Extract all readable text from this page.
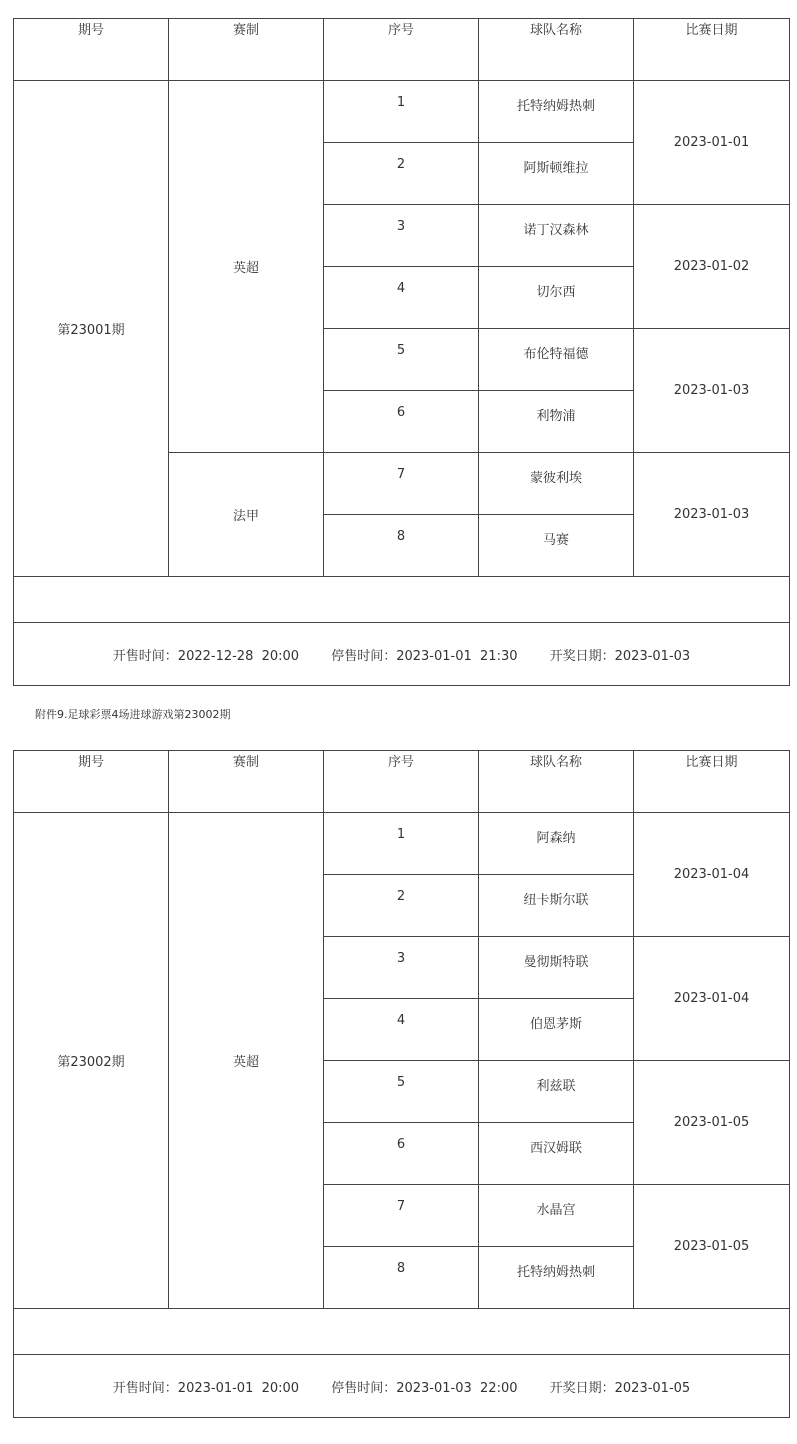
期号	赛制	序号	球队名称	比赛日期
第23001期	英超	1	托特纳姆热刺	2023-01-01
		2	阿斯顿维拉	
		3	诺丁汉森林	2023-01-02
		4	切尔西	
		5	布伦特福德	2023-01-03
		6	利物浦	
	法甲	7	蒙彼利埃	2023-01-03
		8	马赛	

开售时间：2022-12-28  20:00 停售时间：2023-01-01  21:30 开奖日期：2023-01-03				
附件9.足球彩票4场进球游戏第23002期
期号	赛制	序号	球队名称	比赛日期
第23002期	英超	1	阿森纳	2023-01-04
		2	纽卡斯尔联	
		3	曼彻斯特联	2023-01-04
		4	伯恩茅斯	
		5	利兹联	2023-01-05
		6	西汉姆联	
		7	水晶宫	2023-01-05
		8	托特纳姆热刺	

开售时间：2023-01-01  20:00 停售时间：2023-01-03  22:00 开奖日期：2023-01-05				
